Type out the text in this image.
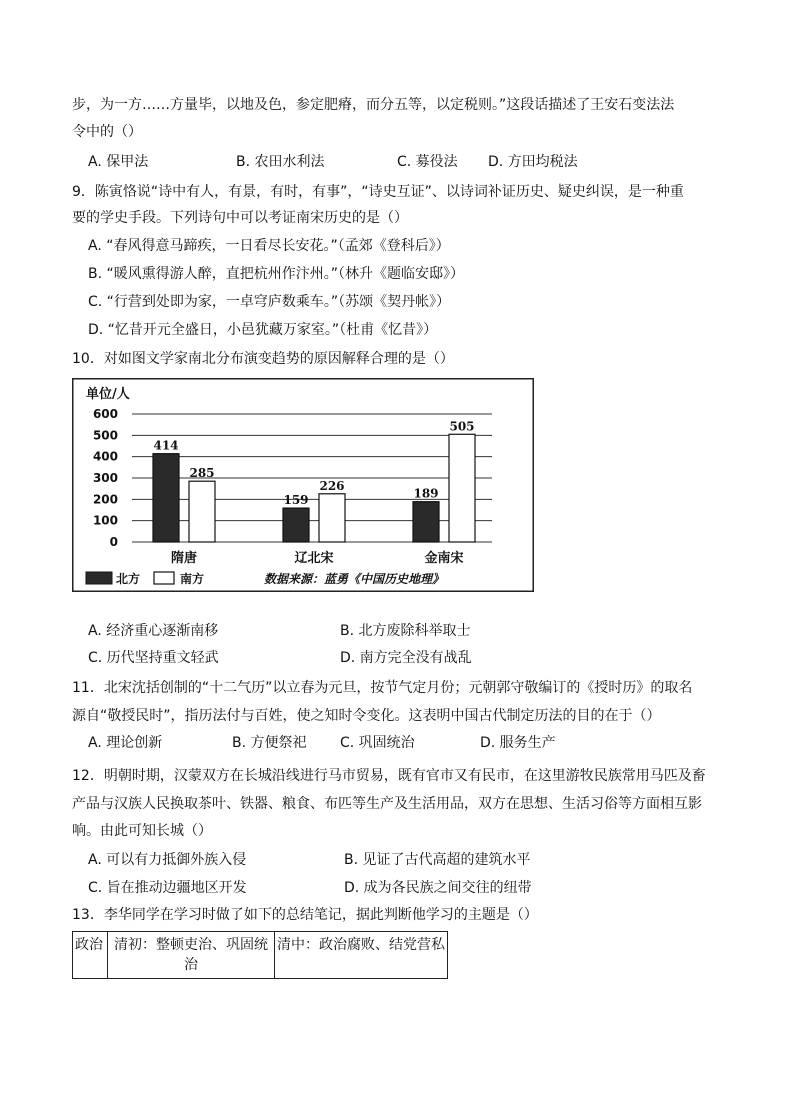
步，为一方……方量毕，以地及色，参定肥瘠，而分五等，以定税则。”这段话描述了王安石变法法
令中的（）
A. 保甲法	B. 农田水利法	C. 募役法 D. 方田均税法
9．陈寅恪说“诗中有人，有景，有时，有事”，“诗史互证”、以诗词补证历史、疑史纠误，是一种重
要的学史手段。下列诗句中可以考证南宋历史的是（）
A. “春风得意马蹄疾，一日看尽长安花。”（孟郊《登科后》）
B. “暖风熏得游人醉，直把杭州作汴州。”（林升《题临安邸》）
C. “行营到处即为家，一卓穹庐数乘车。”（苏颂《契丹帐》）
D. “忆昔开元全盛日，小邑犹藏万家室。”（杜甫《忆昔》）
10．对如图文学家南北分布演变趋势的原因解释合理的是（）
单位/人
0
100
200
300
400
500
600
414
285
隋唐
159
226
辽北宋
189
505
金南宋
北方	南方	数据来源：蓝勇《中国历史地理》
A. 经济重心逐渐南移	B. 北方废除科举取士
C. 历代坚持重文轻武	D. 南方完全没有战乱
11．北宋沈括创制的“十二气历”以立春为元旦，按节气定月份；元朝郭守敬编订的《授时历》的取名
源自“敬授民时”，指历法付与百姓，使之知时令变化。这表明中国古代制定历法的目的在于（）
A. 理论创新	B. 方便祭祀 C. 巩固统治	D. 服务生产
12．明朝时期，汉蒙双方在长城沿线进行马市贸易，既有官市又有民市，在这里游牧民族常用马匹及畜
产品与汉族人民换取茶叶、铁器、粮食、布匹等生产及生活用品，双方在思想、生活习俗等方面相互影
响。由此可知长城（）
A. 可以有力抵御外族入侵	B. 见证了古代高超的建筑水平
C. 旨在推动边疆地区开发	D. 成为各民族之间交往的纽带
13．李华同学在学习时做了如下的总结笔记，据此判断他学习的主题是（）
政治	清初：整顿吏治、巩固统治	清中：政治腐败、结党营私
